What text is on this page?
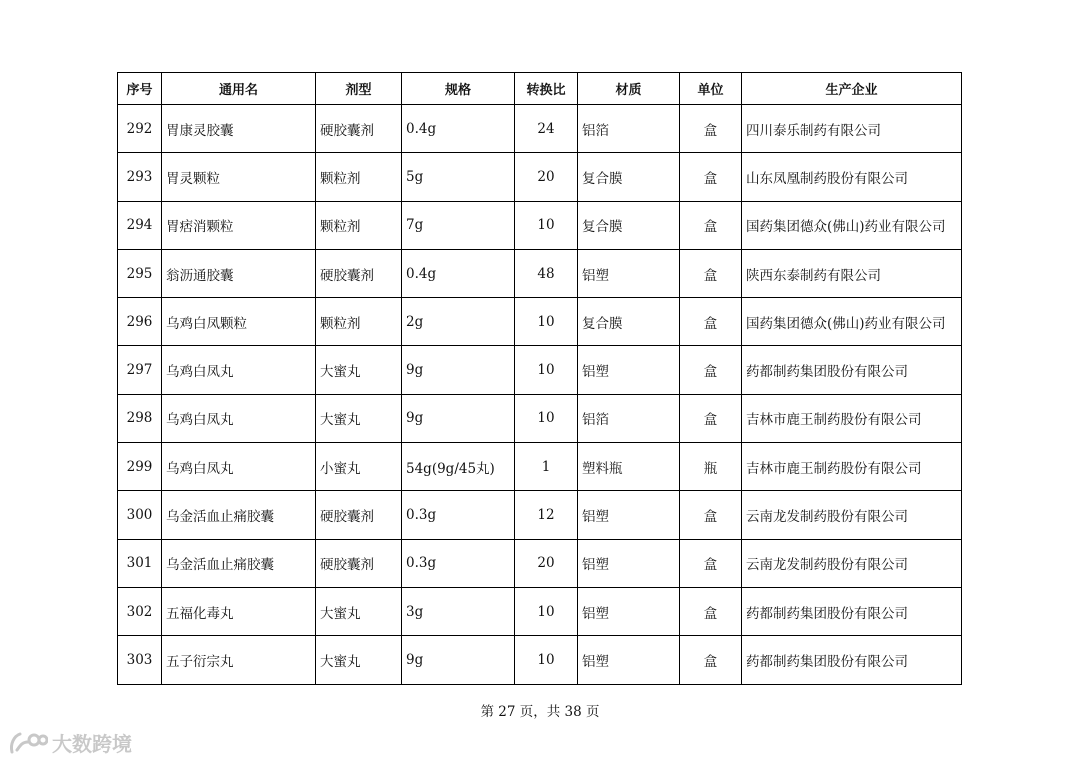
序号	通用名	剂型	规格	转换比	材质	单位	生产企业
292	胃康灵胶囊	硬胶囊剂	0.4g	24	铝箔	盒	四川泰乐制药有限公司
293	胃灵颗粒	颗粒剂	5g	20	复合膜	盒	山东凤凰制药股份有限公司
294	胃痞消颗粒	颗粒剂	7g	10	复合膜	盒	国药集团德众(佛山)药业有限公司
295	翁沥通胶囊	硬胶囊剂	0.4g	48	铝塑	盒	陕西东泰制药有限公司
296	乌鸡白凤颗粒	颗粒剂	2g	10	复合膜	盒	国药集团德众(佛山)药业有限公司
297	乌鸡白凤丸	大蜜丸	9g	10	铝塑	盒	药都制药集团股份有限公司
298	乌鸡白凤丸	大蜜丸	9g	10	铝箔	盒	吉林市鹿王制药股份有限公司
299	乌鸡白凤丸	小蜜丸	54g(9g/45丸)	1	塑料瓶	瓶	吉林市鹿王制药股份有限公司
300	乌金活血止痛胶囊	硬胶囊剂	0.3g	12	铝塑	盒	云南龙发制药股份有限公司
301	乌金活血止痛胶囊	硬胶囊剂	0.3g	20	铝塑	盒	云南龙发制药股份有限公司
302	五福化毒丸	大蜜丸	3g	10	铝塑	盒	药都制药集团股份有限公司
303	五子衍宗丸	大蜜丸	9g	10	铝塑	盒	药都制药集团股份有限公司
第 27 页，共 38 页
大数跨境
